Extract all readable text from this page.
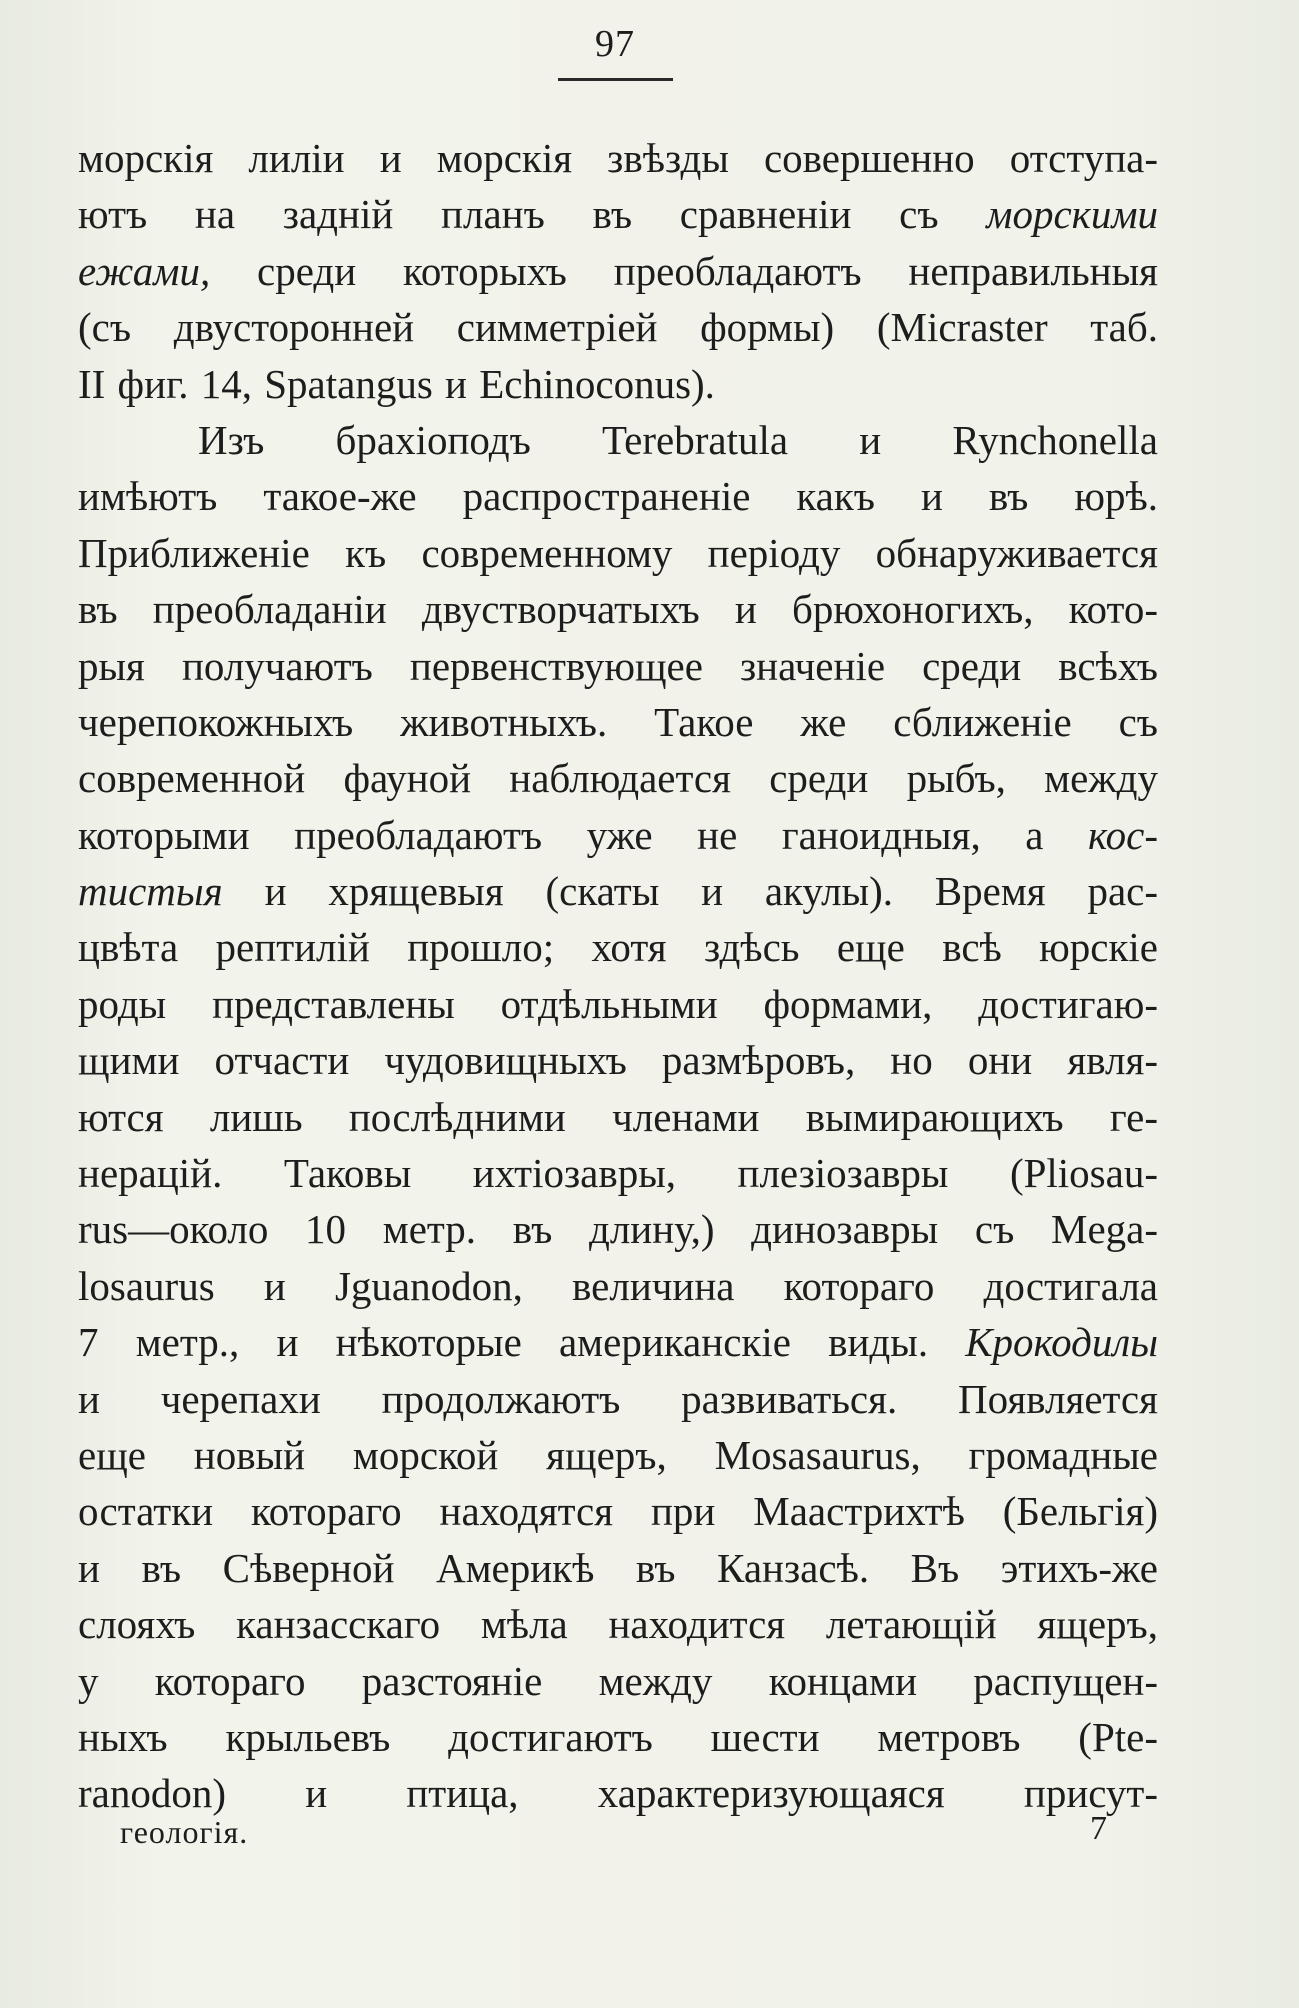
97
морскія лиліи и морскія звѣзды совершенно отступа-
ютъ на задній планъ въ сравненіи съ морскими
ежами, среди которыхъ преобладаютъ неправильныя
(съ двусторонней симметріей формы) (Micraster таб.
II фиг. 14, Spatangus и Echinoconus).
Изъ брахіоподъ Terebratula и Rynchonella
имѣютъ такое-же распространеніе какъ и въ юрѣ.
Приближеніе къ современному періоду обнаруживается
въ преобладаніи двустворчатыхъ и брюхоногихъ, кото-
рыя получаютъ первенствующее значеніе среди всѣхъ
черепокожныхъ животныхъ. Такое же сближеніе съ
современной фауной наблюдается среди рыбъ, между
которыми преобладаютъ уже не ганоидныя, а кос-
тистыя и хрящевыя (скаты и акулы). Время рас-
цвѣта рептилій прошло; хотя здѣсь еще всѣ юрскіе
роды представлены отдѣльными формами, достигаю-
щими отчасти чудовищныхъ размѣровъ, но они явля-
ются лишь послѣдними членами вымирающихъ ге-
нерацій. Таковы ихтіозавры, плезіозавры (Pliosau-
rus—около 10 метр. въ длину,) динозавры съ Mega-
losaurus и Jguanodon, величина котораго достигала
7 метр., и нѣкоторые американскіе виды. Крокодилы
и черепахи продолжаютъ развиваться. Появляется
еще новый морской ящеръ, Mosasaurus, громадные
остатки котораго находятся при Маастрихтѣ (Бельгія)
и въ Сѣверной Америкѣ въ Канзасѣ. Въ этихъ-же
слояхъ канзасскаго мѣла находится летающій ящеръ,
у котораго разстояніе между концами распущен-
ныхъ крыльевъ достигаютъ шести метровъ (Pte-
ranodon) и птица, характеризующаяся присут-
геологія.	7
